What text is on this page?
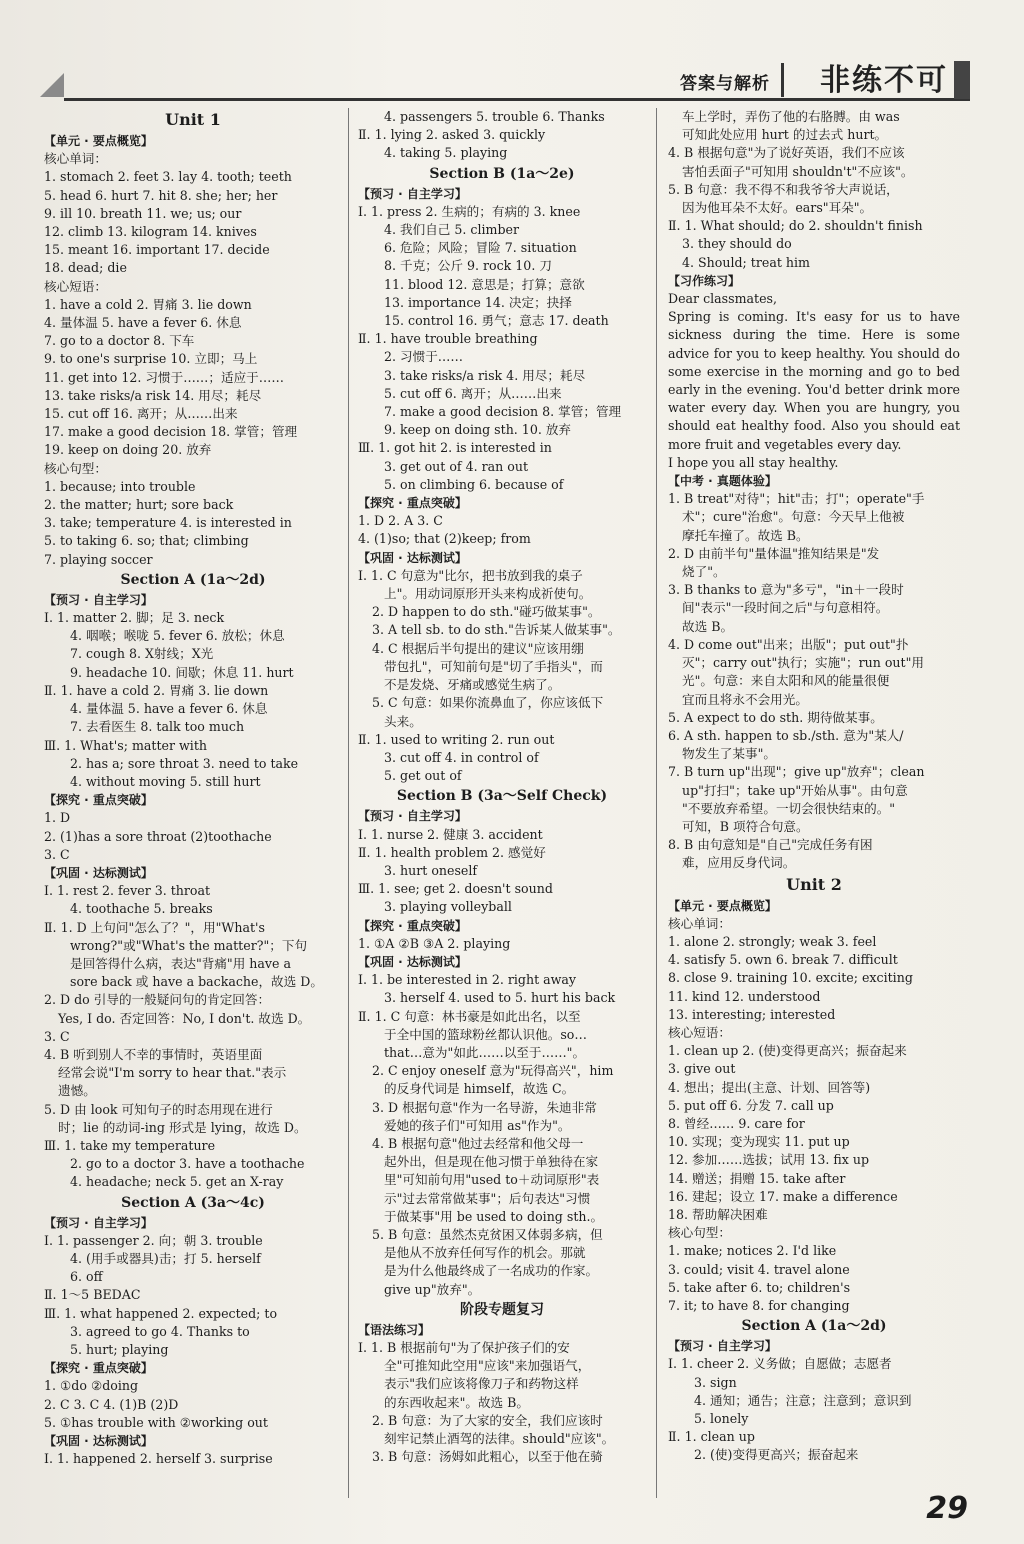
答案与解析 非练不可
Unit 1
【单元 · 要点概览】
核心单词：
1. stomach 2. feet 3. lay 4. tooth; teeth
5. head 6. hurt 7. hit 8. she; her; her
9. ill 10. breath 11. we; us; our
12. climb 13. kilogram 14. knives
15. meant 16. important 17. decide
18. dead; die
核心短语：
1. have a cold 2. 胃痛 3. lie down
4. 量体温 5. have a fever 6. 休息
7. go to a doctor 8. 下车
9. to one's surprise 10. 立即；马上
11. get into 12. 习惯于……；适应于……
13. take risks/a risk 14. 用尽；耗尽
15. cut off 16. 离开；从……出来
17. make a good decision 18. 掌管；管理
19. keep on doing 20. 放弃
核心句型：
1. because; into trouble
2. the matter; hurt; sore back
3. take; temperature 4. is interested in
5. to taking 6. so; that; climbing
7. playing soccer
Section A (1a～2d)
【预习 · 自主学习】
Ⅰ. 1. matter 2. 脚；足 3. neck
4. 咽喉；喉咙 5. fever 6. 放松；休息
7. cough 8. X射线；X光
9. headache 10. 间歇；休息 11. hurt
Ⅱ. 1. have a cold 2. 胃痛 3. lie down
4. 量体温 5. have a fever 6. 休息
7. 去看医生 8. talk too much
Ⅲ. 1. What's; matter with
2. has a; sore throat 3. need to take
4. without moving 5. still hurt
【探究 · 重点突破】
1. D
2. (1)has a sore throat (2)toothache
3. C
【巩固 · 达标测试】
Ⅰ. 1. rest 2. fever 3. throat
4. toothache 5. breaks
Ⅱ. 1. D 上句问"怎么了？"，用"What's
wrong?"或"What's the matter?"；下句
是回答得什么病，表达"背痛"用 have a
sore back 或 have a backache，故选 D。
2. D do 引导的一般疑问句的肯定回答：
Yes, I do. 否定回答：No, I don't. 故选 D。
3. C
4. B 听到别人不幸的事情时，英语里面
经常会说"I'm sorry to hear that."表示
遗憾。
5. D 由 look 可知句子的时态用现在进行
时；lie 的动词-ing 形式是 lying，故选 D。
Ⅲ. 1. take my temperature
2. go to a doctor 3. have a toothache
4. headache; neck 5. get an X-ray
Section A (3a～4c)
【预习 · 自主学习】
Ⅰ. 1. passenger 2. 向；朝 3. trouble
4. (用手或器具)击；打 5. herself
6. off
Ⅱ. 1～5 BEDAC
Ⅲ. 1. what happened 2. expected; to
3. agreed to go 4. Thanks to
5. hurt; playing
【探究 · 重点突破】
1. ①do ②doing
2. C 3. C 4. (1)B (2)D
5. ①has trouble with ②working out
【巩固 · 达标测试】
Ⅰ. 1. happened 2. herself 3. surprise
4. passengers 5. trouble 6. Thanks
Ⅱ. 1. lying 2. asked 3. quickly
4. taking 5. playing
Section B (1a～2e)
【预习 · 自主学习】
Ⅰ. 1. press 2. 生病的；有病的 3. knee
4. 我们自己 5. climber
6. 危险；风险；冒险 7. situation
8. 千克；公斤 9. rock 10. 刀
11. blood 12. 意思是；打算；意欲
13. importance 14. 决定；抉择
15. control 16. 勇气；意志 17. death
Ⅱ. 1. have trouble breathing
2. 习惯于……
3. take risks/a risk 4. 用尽；耗尽
5. cut off 6. 离开；从……出来
7. make a good decision 8. 掌管；管理
9. keep on doing sth. 10. 放弃
Ⅲ. 1. got hit 2. is interested in
3. get out of 4. ran out
5. on climbing 6. because of
【探究 · 重点突破】
1. D 2. A 3. C
4. (1)so; that (2)keep; from
【巩固 · 达标测试】
Ⅰ. 1. C 句意为"比尔，把书放到我的桌子
上"。用动词原形开头来构成祈使句。
2. D happen to do sth."碰巧做某事"。
3. A tell sb. to do sth."告诉某人做某事"。
4. C 根据后半句提出的建议"应该用绷
带包扎"，可知前句是"切了手指头"，而
不是发烧、牙痛或感觉生病了。
5. C 句意：如果你流鼻血了，你应该低下
头来。
Ⅱ. 1. used to writing 2. run out
3. cut off 4. in control of
5. get out of
Section B (3a～Self Check)
【预习 · 自主学习】
Ⅰ. 1. nurse 2. 健康 3. accident
Ⅱ. 1. health problem 2. 感觉好
3. hurt oneself
Ⅲ. 1. see; get 2. doesn't sound
3. playing volleyball
【探究 · 重点突破】
1. ①A ②B ③A 2. playing
【巩固 · 达标测试】
Ⅰ. 1. be interested in 2. right away
3. herself 4. used to 5. hurt his back
Ⅱ. 1. C 句意：林书豪是如此出名，以至
于全中国的篮球粉丝都认识他。so…
that…意为"如此……以至于……"。
2. C enjoy oneself 意为"玩得高兴"，him
的反身代词是 himself，故选 C。
3. D 根据句意"作为一名导游，朱迪非常
爱她的孩子们"可知用 as"作为"。
4. B 根据句意"他过去经常和他父母一
起外出，但是现在他习惯于单独待在家
里"可知前句用"used to＋动词原形"表
示"过去常常做某事"；后句表达"习惯
于做某事"用 be used to doing sth.。
5. B 句意：虽然杰克贫困又体弱多病，但
是他从不放弃任何写作的机会。那就
是为什么他最终成了一名成功的作家。
give up"放弃"。
阶段专题复习
【语法练习】
Ⅰ. 1. B 根据前句"为了保护孩子们的安
全"可推知此空用"应该"来加强语气，
表示"我们应该将像刀子和药物这样
的东西收起来"。故选 B。
2. B 句意：为了大家的安全，我们应该时
刻牢记禁止酒驾的法律。should"应该"。
3. B 句意：汤姆如此粗心，以至于他在骑
车上学时，弄伤了他的右胳膊。由 was
可知此处应用 hurt 的过去式 hurt。
4. B 根据句意"为了说好英语，我们不应该
害怕丢面子"可知用 shouldn't"不应该"。
5. B 句意：我不得不和我爷爷大声说话，
因为他耳朵不太好。ears"耳朵"。
Ⅱ. 1. What should; do 2. shouldn't finish
3. they should do
4. Should; treat him
【习作练习】
Dear classmates,
Spring is coming. It's easy for us to have sickness during the time. Here is some advice for you to keep healthy. You should do some exercise in the morning and go to bed early in the evening. You'd better drink more water every day. When you are hungry, you should eat healthy food. Also you should eat more fruit and vegetables every day.
I hope you all stay healthy.
【中考 · 真题体验】
1. B treat"对待"；hit"击；打"；operate"手
术"；cure"治愈"。句意：今天早上他被
摩托车撞了。故选 B。
2. D 由前半句"量体温"推知结果是"发
烧了"。
3. B thanks to 意为"多亏"，"in＋一段时
间"表示"一段时间之后"与句意相符。
故选 B。
4. D come out"出来；出版"；put out"扑
灭"；carry out"执行；实施"；run out"用
光"。句意：来自太阳和风的能量很便
宜而且将永不会用光。
5. A expect to do sth. 期待做某事。
6. A sth. happen to sb./sth. 意为"某人/
物发生了某事"。
7. B turn up"出现"；give up"放弃"；clean
up"打扫"；take up"开始从事"。由句意
"不要放弃希望。一切会很快结束的。"
可知，B 项符合句意。
8. B 由句意知是"自己"完成任务有困
难，应用反身代词。
Unit 2
【单元 · 要点概览】
核心单词：
1. alone 2. strongly; weak 3. feel
4. satisfy 5. own 6. break 7. difficult
8. close 9. training 10. excite; exciting
11. kind 12. understood
13. interesting; interested
核心短语：
1. clean up 2. (使)变得更高兴；振奋起来
3. give out
4. 想出；提出(主意、计划、回答等)
5. put off 6. 分发 7. call up
8. 曾经…… 9. care for
10. 实现；变为现实 11. put up
12. 参加……选拔；试用 13. fix up
14. 赠送；捐赠 15. take after
16. 建起；设立 17. make a difference
18. 帮助解决困难
核心句型：
1. make; notices 2. I'd like
3. could; visit 4. travel alone
5. take after 6. to; children's
7. it; to have 8. for changing
Section A (1a～2d)
【预习 · 自主学习】
Ⅰ. 1. cheer 2. 义务做；自愿做；志愿者
3. sign
4. 通知；通告；注意；注意到；意识到
5. lonely
Ⅱ. 1. clean up
2. (使)变得更高兴；振奋起来
29
